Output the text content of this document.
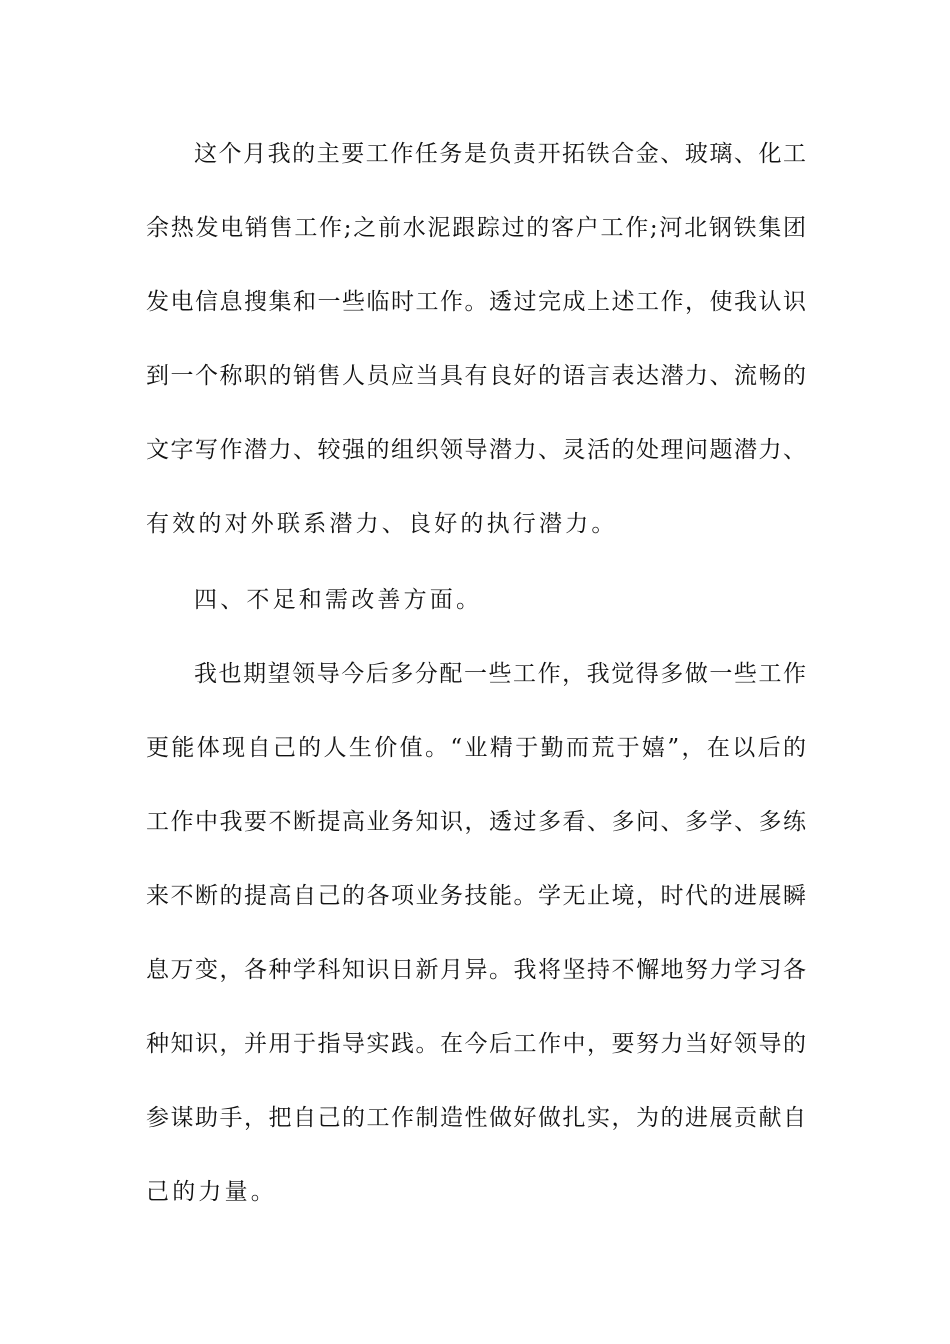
这个月我的主要工作任务是负责开拓铁合金、玻璃、化工
余热发电销售工作;之前水泥跟踪过的客户工作;河北钢铁集团
发电信息搜集和一些临时工作。透过完成上述工作，使我认识
到一个称职的销售人员应当具有良好的语言表达潜力、流畅的
文字写作潜力、较强的组织领导潜力、灵活的处理问题潜力、
有效的对外联系潜力、良好的执行潜力。
四、不足和需改善方面。
我也期望领导今后多分配一些工作，我觉得多做一些工作
更能体现自己的人生价值。“业精于勤而荒于嬉”，在以后的
工作中我要不断提高业务知识，透过多看、多问、多学、多练
来不断的提高自己的各项业务技能。学无止境，时代的进展瞬
息万变，各种学科知识日新月异。我将坚持不懈地努力学习各
种知识，并用于指导实践。在今后工作中，要努力当好领导的
参谋助手，把自己的工作制造性做好做扎实，为的进展贡献自
己的力量。
